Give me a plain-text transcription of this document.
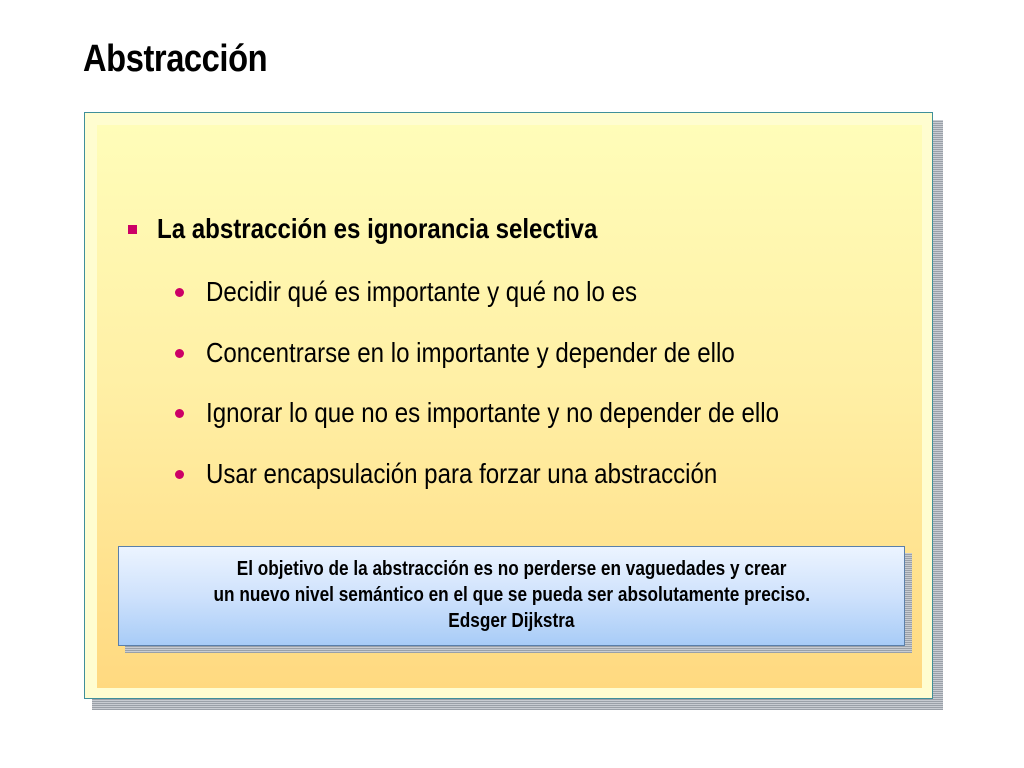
Abstracción
La abstracción es ignorancia selectiva
Decidir qué es importante y qué no lo es
Concentrarse en lo importante y depender de ello
Ignorar lo que no es importante y no depender de ello
Usar encapsulación para forzar una abstracción
El objetivo de la abstracción es no perderse en vaguedades y crear
un nuevo nivel semántico en el que se pueda ser absolutamente preciso.
Edsger Dijkstra
